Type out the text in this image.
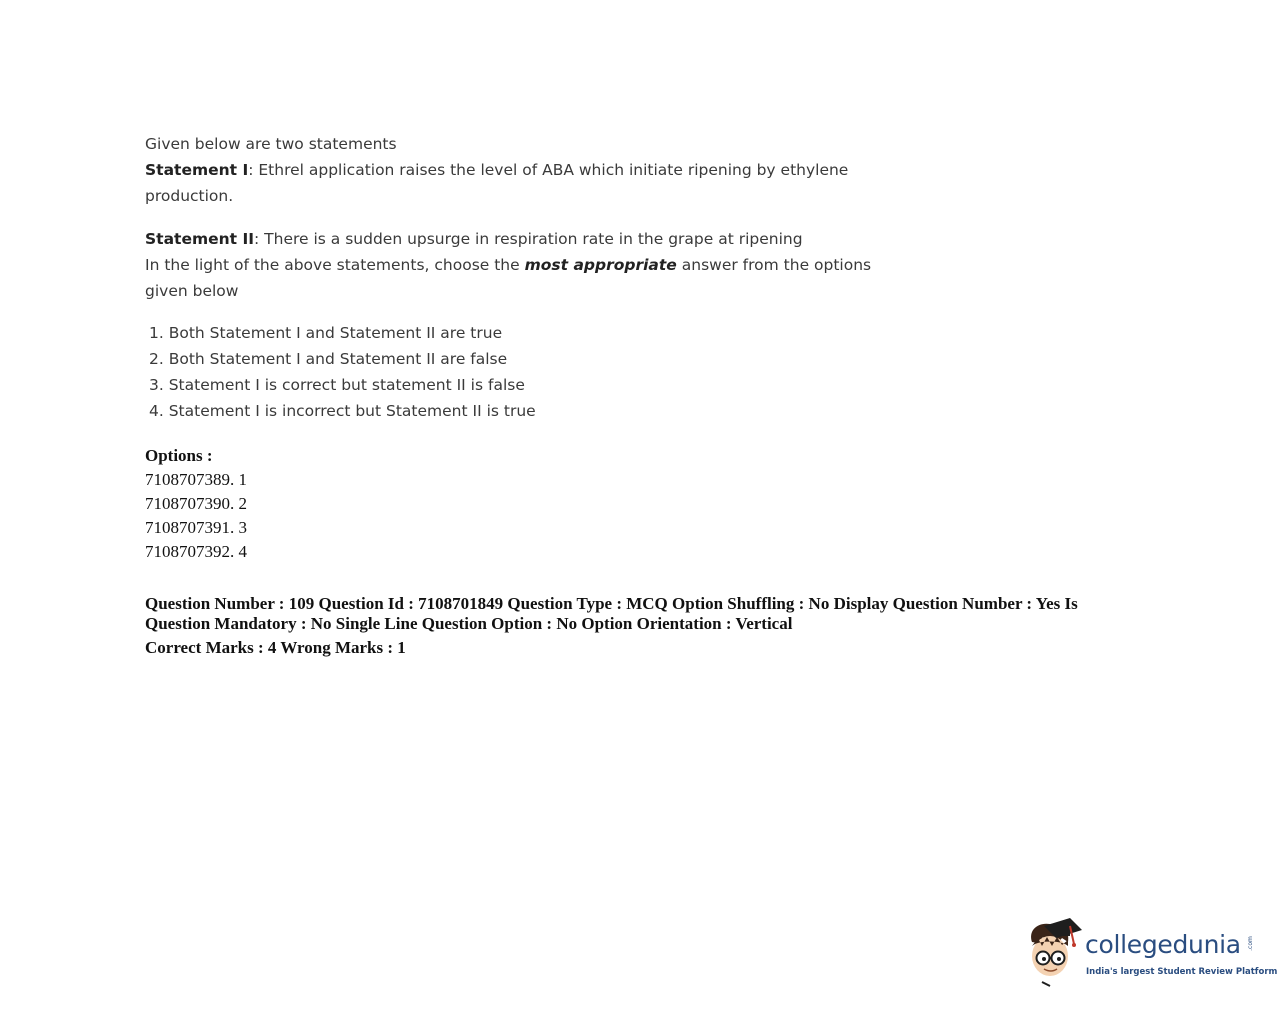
Given below are two statements
Statement I: Ethrel application raises the level of ABA which initiate ripening by ethylene
production.
Statement II: There is a sudden upsurge in respiration rate in the grape at ripening
In the light of the above statements, choose the most appropriate answer from the options
given below
1. Both Statement I and Statement II are true
2. Both Statement I and Statement II are false
3. Statement I is correct but statement II is false
4. Statement I is incorrect but Statement II is true
Options :
7108707389. 1
7108707390. 2
7108707391. 3
7108707392. 4
Question Number : 109 Question Id : 7108701849 Question Type : MCQ Option Shuffling : No Display Question Number : Yes Is Question Mandatory : No Single Line Question Option : No Option Orientation : Vertical
Correct Marks : 4 Wrong Marks : 1
collegedunia .com
India's largest Student Review Platform
